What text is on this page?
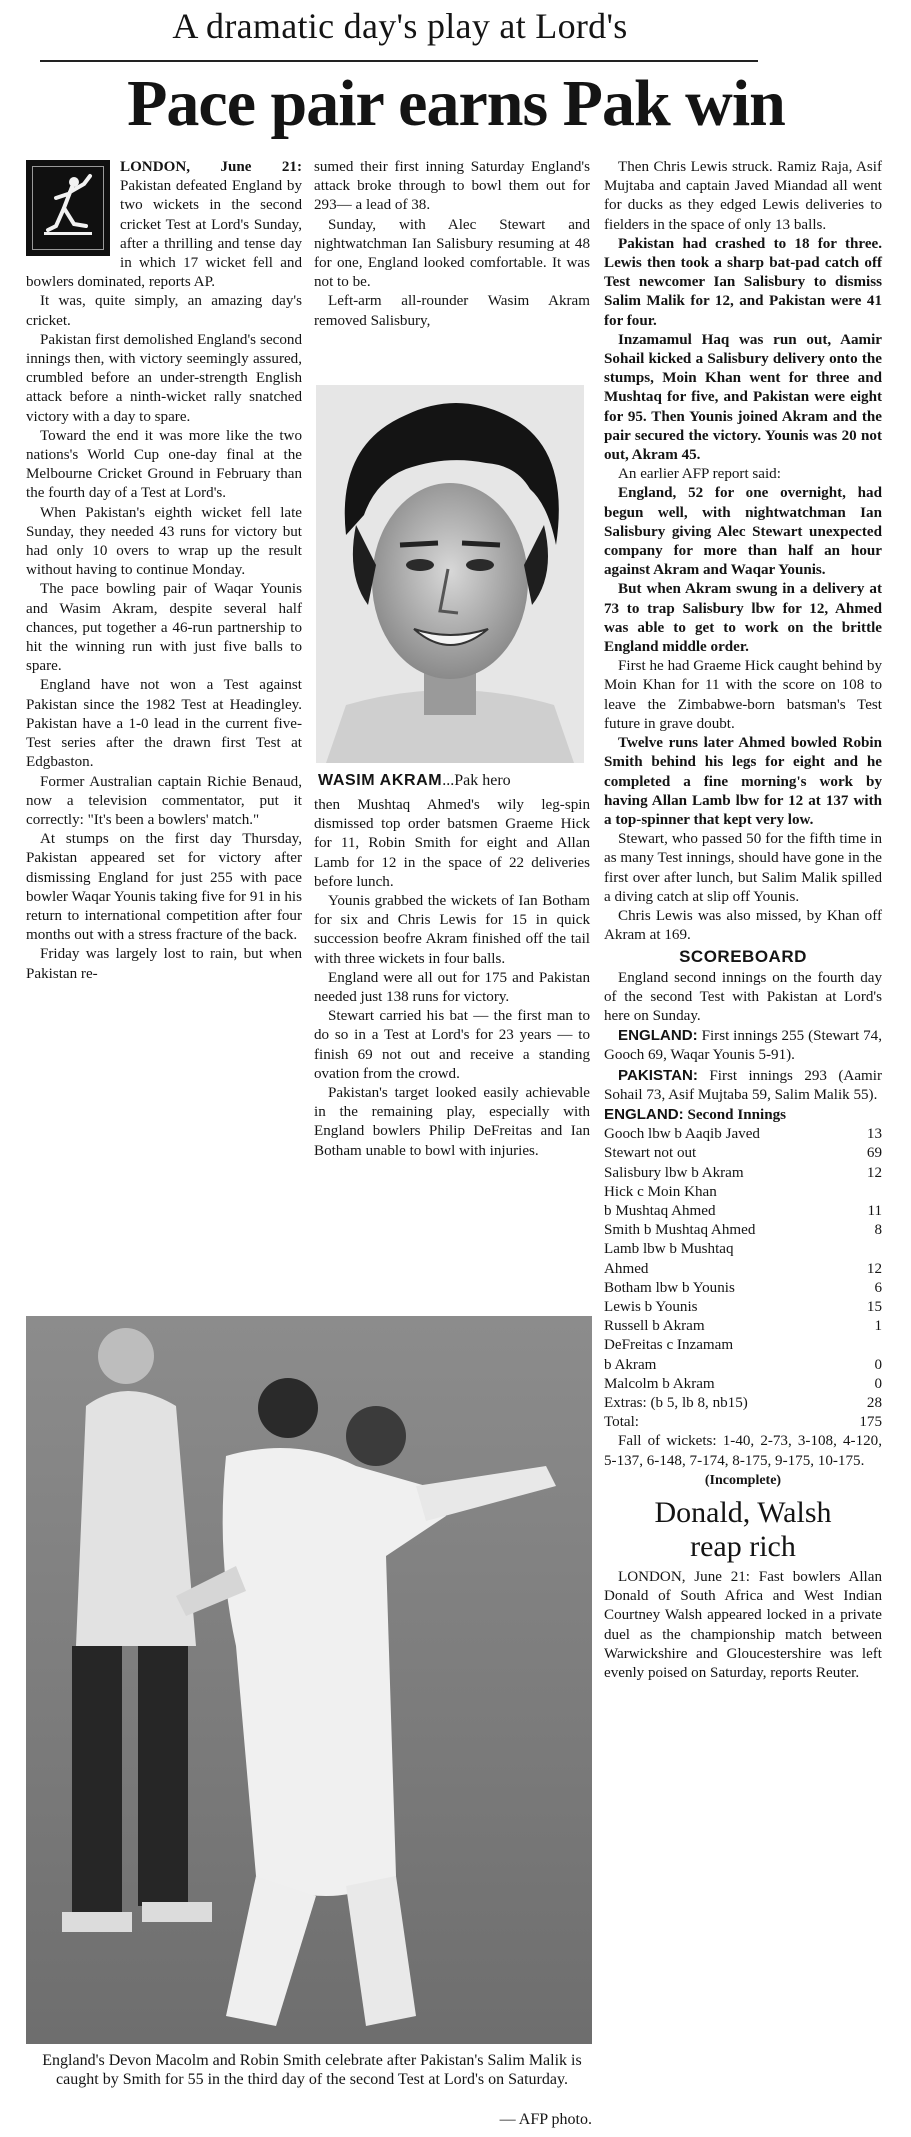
A dramatic day's play at Lord's
Pace pair earns Pak win

LONDON, June 21: Pakistan defeated England by two wickets in the second cricket Test at Lord's Sunday, after a thrilling and tense day in which 17 wicket fell and bowlers dominated, reports AP.

It was, quite simply, an amazing day's cricket.

Pakistan first demolished England's second innings then, with victory seemingly assured, crumbled before an under-strength English attack before a ninth-wicket rally snatched victory with a day to spare.

Toward the end it was more like the two nations's World Cup one-day final at the Melbourne Cricket Ground in February than the fourth day of a Test at Lord's.

When Pakistan's eighth wicket fell late Sunday, they needed 43 runs for victory but had only 10 overs to wrap up the result without having to continue Monday.

The pace bowling pair of Waqar Younis and Wasim Akram, despite several half chances, put together a 46-run partnership to hit the winning run with just five balls to spare.

England have not won a Test against Pakistan since the 1982 Test at Headingley. Pakistan have a 1-0 lead in the current five-Test series after the drawn first Test at Edgbaston.

Former Australian captain Richie Benaud, now a television commentator, put it correctly: "It's been a bowlers' match."

At stumps on the first day Thursday, Pakistan appeared set for victory after dismissing England for just 255 with pace bowler Waqar Younis taking five for 91 in his return to international competition after four months out with a stress fracture of the back.

Friday was largely lost to rain, but when Pakistan re-

sumed their first inning Saturday England's attack broke through to bowl them out for 293— a lead of 38.

Sunday, with Alec Stewart and nightwatchman Ian Salisbury resuming at 48 for one, England looked comfortable. It was not to be.

Left-arm all-rounder Wasim Akram removed Salisbury,

WASIM AKRAM...Pak hero

then Mushtaq Ahmed's wily leg-spin dismissed top order batsmen Graeme Hick for 11, Robin Smith for eight and Allan Lamb for 12 in the space of 22 deliveries before lunch.

Younis grabbed the wickets of Ian Botham for six and Chris Lewis for 15 in quick succession beofre Akram finished off the tail with three wickets in four balls.

England were all out for 175 and Pakistan needed just 138 runs for victory.

Stewart carried his bat — the first man to do so in a Test at Lord's for 23 years — to finish 69 not out and receive a standing ovation from the crowd.

Pakistan's target looked easily achievable in the remaining play, especially with England bowlers Philip DeFreitas and Ian Botham unable to bowl with injuries.

Then Chris Lewis struck. Ramiz Raja, Asif Mujtaba and captain Javed Miandad all went for ducks as they edged Lewis deliveries to fielders in the space of only 13 balls.

Pakistan had crashed to 18 for three. Lewis then took a sharp bat-pad catch off Test newcomer Ian Salisbury to dismiss Salim Malik for 12, and Pakistan were 41 for four.

Inzamamul Haq was run out, Aamir Sohail kicked a Salisbury delivery onto the stumps, Moin Khan went for three and Mushtaq for five, and Pakistan were eight for 95. Then Younis joined Akram and the pair secured the victory. Younis was 20 not out, Akram 45.

An earlier AFP report said:

England, 52 for one overnight, had begun well, with nightwatchman Ian Salisbury giving Alec Stewart unexpected company for more than half an hour against Akram and Waqar Younis.

But when Akram swung in a delivery at 73 to trap Salisbury lbw for 12, Ahmed was able to get to work on the brittle England middle order.

First he had Graeme Hick caught behind by Moin Khan for 11 with the score on 108 to leave the Zimbabwe-born batsman's Test future in grave doubt.

Twelve runs later Ahmed bowled Robin Smith behind his legs for eight and he completed a fine morning's work by having Allan Lamb lbw for 12 at 137 with a top-spinner that kept very low.

Stewart, who passed 50 for the fifth time in as many Test innings, should have gone in the first over after lunch, but Salim Malik spilled a diving catch at slip off Younis.

Chris Lewis was also missed, by Khan off Akram at 169.

SCOREBOARD

England second innings on the fourth day of the second Test with Pakistan at Lord's here on Sunday.

ENGLAND: First innings 255 (Stewart 74, Gooch 69, Waqar Younis 5-91).

PAKISTAN: First innings 293 (Aamir Sohail 73, Asif Mujtaba 59, Salim Malik 55).

ENGLAND: Second Innings
Gooch lbw b Aaqib Javed	13
Stewart not out	69
Salisbury lbw b Akram	12
Hick c Moin Khan
b Mushtaq Ahmed	11
Smith b Mushtaq Ahmed	8
Lamb lbw b Mushtaq
Ahmed	12
Botham lbw b Younis	6
Lewis b Younis	15
Russell b Akram	1
DeFreitas c Inzamam
b Akram	0
Malcolm b Akram	0
Extras: (b 5, lb 8, nb15)	28
Total:	175

Fall of wickets: 1-40, 2-73, 3-108, 4-120, 5-137, 6-148, 7-174, 8-175, 9-175, 10-175.

(Incomplete)
Donald, Walsh
reap rich

LONDON, June 21: Fast bowlers Allan Donald of South Africa and West Indian Courtney Walsh appeared locked in a private duel as the championship match between Warwickshire and Gloucestershire was left evenly poised on Saturday, reports Reuter.

England's Devon Macolm and Robin Smith celebrate after Pakistan's Salim Malik is caught by Smith for 55 in the third day of the second Test at Lord's on Saturday.
— AFP photo.
